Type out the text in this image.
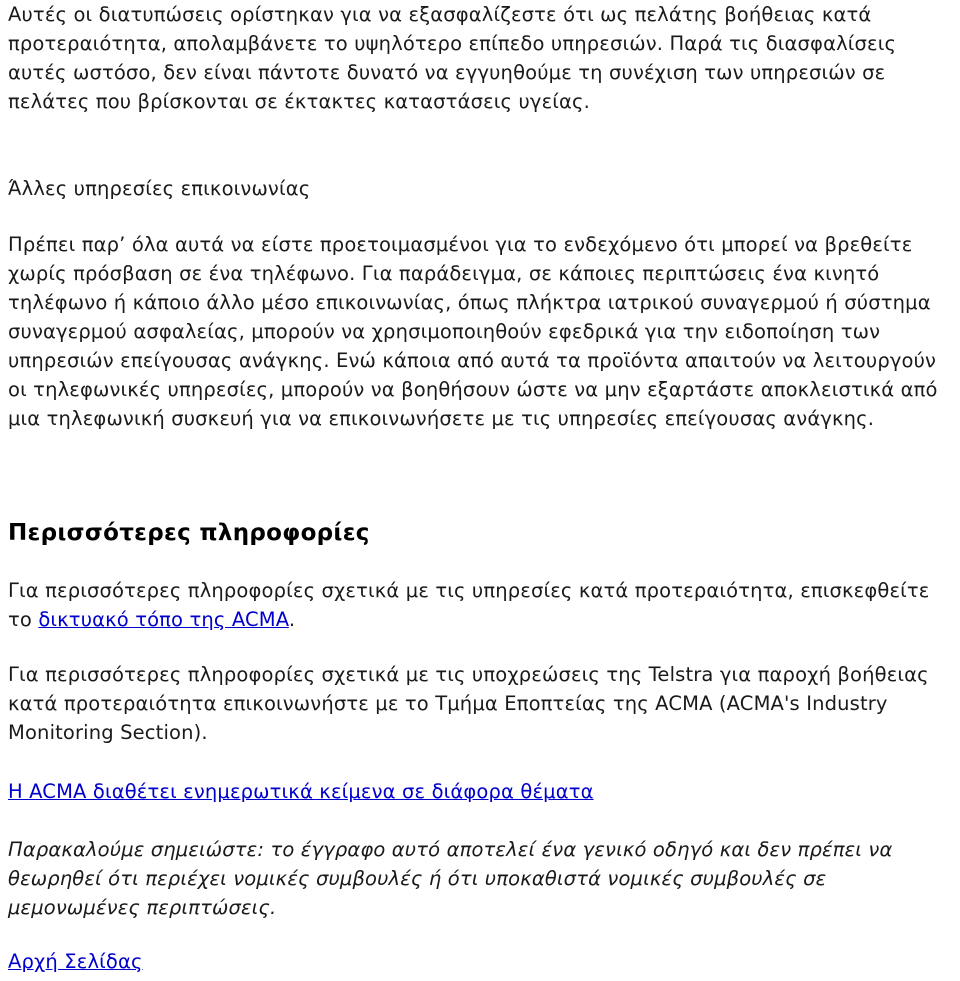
Αυτές οι διατυπώσεις ορίστηκαν για να εξασφαλίζεστε ότι ως πελάτης βοήθειας κατά προτεραιότητα, απολαμβάνετε το υψηλότερο επίπεδο υπηρεσιών. Παρά τις διασφαλίσεις αυτές ωστόσο, δεν είναι πάντοτε δυνατό να εγγυηθούμε τη συνέχιση των υπηρεσιών σε πελάτες που βρίσκονται σε έκτακτες καταστάσεις υγείας.

Άλλες υπηρεσίες επικοινωνίας

Πρέπει παρ’ όλα αυτά να είστε προετοιμασμένοι για το ενδεχόμενο ότι μπορεί να βρεθείτε χωρίς πρόσβαση σε ένα τηλέφωνο. Για παράδειγμα, σε κάποιες περιπτώσεις ένα κινητό τηλέφωνο ή κάποιο άλλο μέσο επικοινωνίας, όπως πλήκτρα ιατρικού συναγερμού ή σύστημα συναγερμού ασφαλείας, μπορούν να χρησιμοποιηθούν εφεδρικά για την ειδοποίηση των υπηρεσιών επείγουσας ανάγκης. Ενώ κάποια από αυτά τα προϊόντα απαιτούν να λειτουργούν οι τηλεφωνικές υπηρεσίες, μπορούν να βοηθήσουν ώστε να μην εξαρτάστε αποκλειστικά από μια τηλεφωνική συσκευή για να επικοινωνήσετε με τις υπηρεσίες επείγουσας ανάγκης.

Περισσότερες πληροφορίες

Για περισσότερες πληροφορίες σχετικά με τις υπηρεσίες κατά προτεραιότητα, επισκεφθείτε το δικτυακό τόπο της ACMA.

Για περισσότερες πληροφορίες σχετικά με τις υποχρεώσεις της Telstra για παροχή βοήθειας κατά προτεραιότητα επικοινωνήστε με το Τμήμα Εποπτείας της ACMA (ACMA's Industry Monitoring Section).

Η ACMA διαθέτει ενημερωτικά κείμενα σε διάφορα θέματα

Παρακαλούμε σημειώστε: το έγγραφο αυτό αποτελεί ένα γενικό οδηγό και δεν πρέπει να θεωρηθεί ότι περιέχει νομικές συμβουλές ή ότι υποκαθιστά νομικές συμβουλές σε μεμονωμένες περιπτώσεις.

Αρχή Σελίδας
